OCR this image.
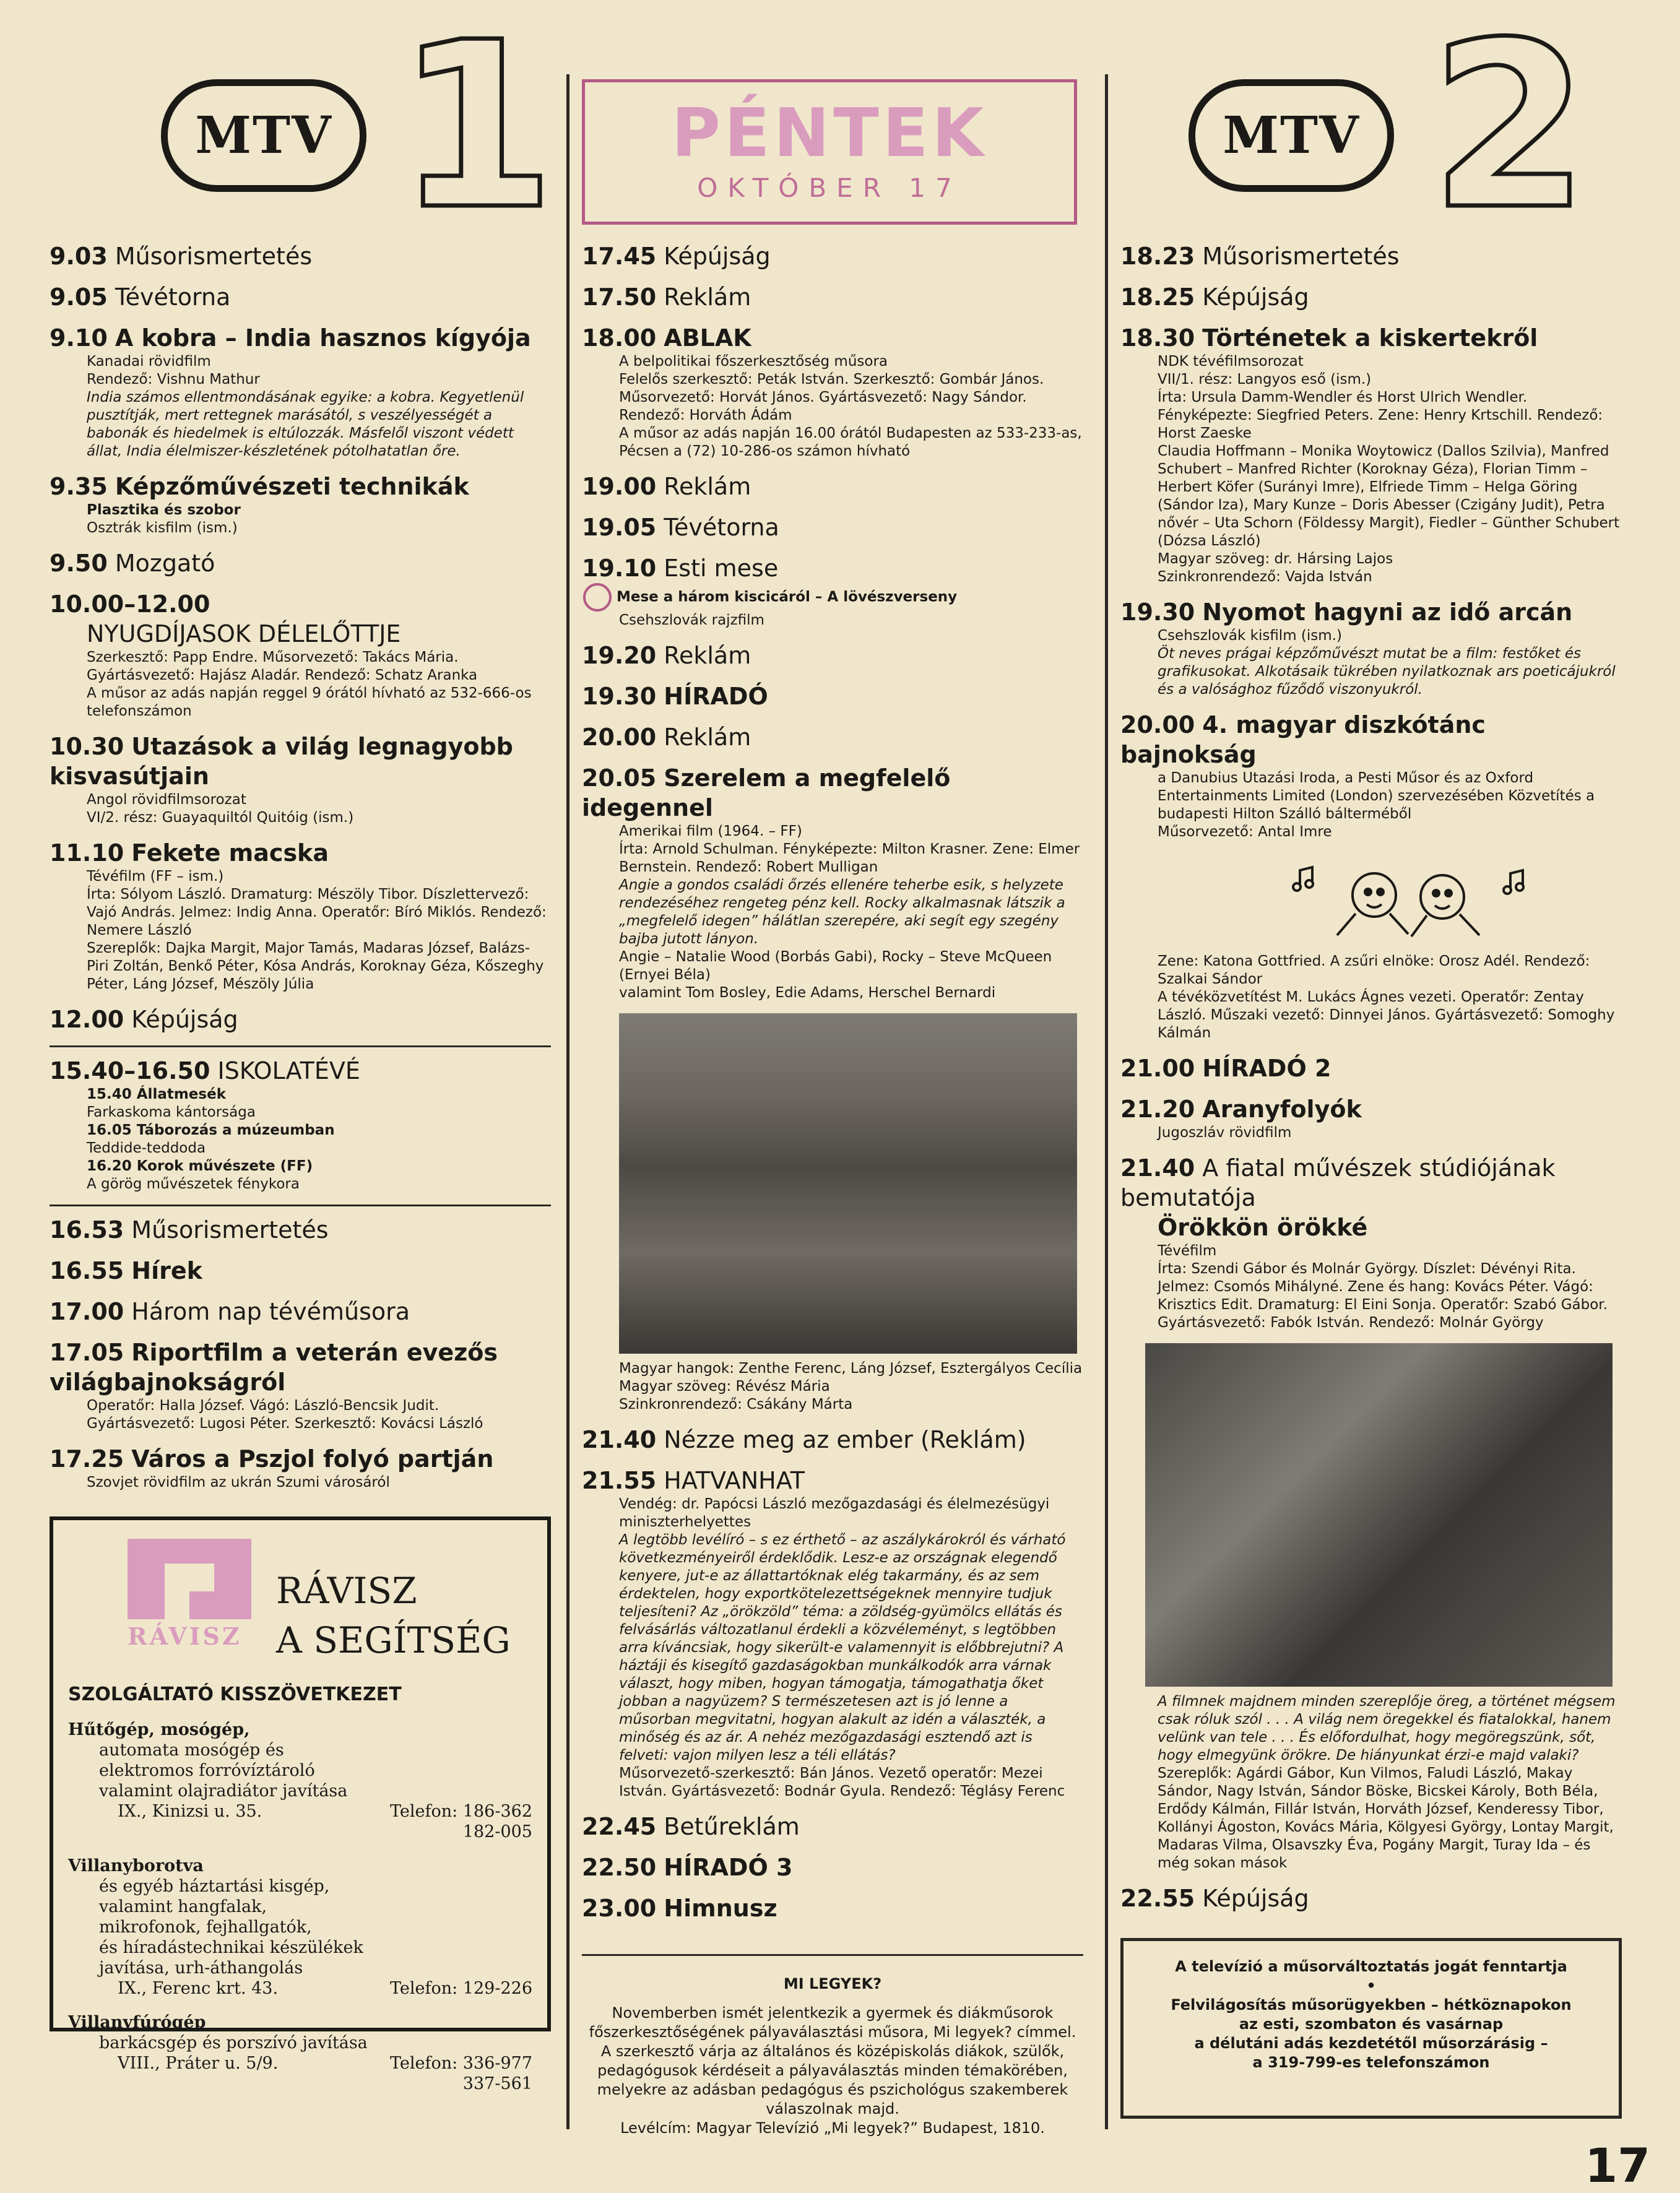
MTV 1
9.03 Műsorismertetés
9.05 Tévétorna
9.10 A kobra – India hasznos kígyója
Kanadai rövidfilm
Rendező: Vishnu Mathur
India számos ellentmondásának egyike: a kobra. Kegyetlenül pusztítják, mert rettegnek marásától, s veszélyességét a babonák és hiedelmek is eltúlozzák. Másfelől viszont védett állat, India élelmiszer-készletének pótolhatatlan őre.
9.35 Képzőművészeti technikák
Plasztika és szobor
Osztrák kisfilm (ism.)
9.50 Mozgató
10.00–12.00
NYUGDÍJASOK DÉLELŐTTJE
Szerkesztő: Papp Endre. Műsorvezető: Takács Mária. Gyártásvezető: Hajász Aladár. Rendező: Schatz Aranka
A műsor az adás napján reggel 9 órától hívható az 532-666-os telefonszámon
10.30 Utazások a világ legnagyobb kisvasútjain
Angol rövidfilmsorozat
VI/2. rész: Guayaquiltól Quitóig (ism.)
11.10 Fekete macska
Tévéfilm (FF – ism.)
Írta: Sólyom László. Dramaturg: Mészöly Tibor. Díszlettervező: Vajó András. Jelmez: Indig Anna. Operatőr: Bíró Miklós. Rendező: Nemere László
Szereplők: Dajka Margit, Major Tamás, Madaras József, Balázs-Piri Zoltán, Benkő Péter, Kósa András, Koroknay Géza, Kőszeghy Péter, Láng József, Mészöly Júlia
12.00 Képújság
15.40–16.50 ISKOLATÉVÉ
15.40 Állatmesék
Farkaskoma kántorsága
16.05 Táborozás a múzeumban
Teddide-teddoda
16.20 Korok művészete (FF)
A görög művészetek fénykora
16.53 Műsorismertetés
16.55 Hírek
17.00 Három nap tévéműsora
17.05 Riportfilm a veterán evezős világbajnokságról
Operatőr: Halla József. Vágó: László-Bencsik Judit. Gyártásvezető: Lugosi Péter. Szerkesztő: Kovácsi László
17.25 Város a Pszjol folyó partján
Szovjet rövidfilm az ukrán Szumi városáról
RÁVISZ
RÁVISZ
A SEGÍTSÉG
SZOLGÁLTATÓ KISSZÖVETKEZET
Hűtőgép, mosógép,
automata mosógép és
elektromos forróvíztároló
valamint olajradiátor javítása
IX., Kinizsi u. 35.	Telefon: 186-362
182-005
Villanyborotva
és egyéb háztartási kisgép,
valamint hangfalak,
mikrofonok, fejhallgatók,
és híradástechnikai készülékek
javítása, urh-áthangolás
IX., Ferenc krt. 43.	Telefon: 129-226
Villanyfúrógép
barkácsgép és porszívó javítása
VIII., Práter u. 5/9.	Telefon: 336-977
337-561
PÉNTEK
OKTÓBER 17
17.45 Képújság
17.50 Reklám
18.00 ABLAK
A belpolitikai főszerkesztőség műsora
Felelős szerkesztő: Peták István. Szerkesztő: Gombár János. Műsorvezető: Horvát János. Gyártásvezető: Nagy Sándor. Rendező: Horváth Ádám
A műsor az adás napján 16.00 órától Budapesten az 533-233-as, Pécsen a (72) 10-286-os számon hívható
19.00 Reklám
19.05 Tévétorna
19.10 Esti mese
Mese a három kiscicáról – A lövészverseny
Csehszlovák rajzfilm
19.20 Reklám
19.30 HÍRADÓ
20.00 Reklám
20.05 Szerelem a megfelelő idegennel
Amerikai film (1964. – FF)
Írta: Arnold Schulman. Fényképezte: Milton Krasner. Zene: Elmer Bernstein. Rendező: Robert Mulligan
Angie a gondos családi őrzés ellenére teherbe esik, s helyzete rendezéséhez rengeteg pénz kell. Rocky alkalmasnak látszik a „megfelelő idegen” hálátlan szerepére, aki segít egy szegény bajba jutott lányon.
Angie – Natalie Wood (Borbás Gabi), Rocky – Steve McQueen (Ernyei Béla)
valamint Tom Bosley, Edie Adams, Herschel Bernardi
Magyar hangok: Zenthe Ferenc, Láng József, Esztergályos Cecília
Magyar szöveg: Révész Mária
Szinkronrendező: Csákány Márta
21.40 Nézze meg az ember (Reklám)
21.55 HATVANHAT
Vendég: dr. Papócsi László mezőgazdasági és élelmezésügyi miniszterhelyettes
A legtöbb levélíró – s ez érthető – az aszálykárokról és várható következményeiről érdeklődik. Lesz-e az országnak elegendő kenyere, jut-e az állattartóknak elég takarmány, és az sem érdektelen, hogy exportkötelezettségeknek mennyire tudjuk teljesíteni? Az „örökzöld” téma: a zöldség-gyümölcs ellátás és felvásárlás változatlanul érdekli a közvéleményt, s legtöbben arra kíváncsiak, hogy sikerült-e valamennyit is előbbrejutni? A háztáji és kisegítő gazdaságokban munkálkodók arra várnak választ, hogy miben, hogyan támogatja, támogathatja őket jobban a nagyüzem? S természetesen azt is jó lenne a műsorban megvitatni, hogyan alakult az idén a választék, a minőség és az ár. A nehéz mezőgazdasági esztendő azt is felveti: vajon milyen lesz a téli ellátás?
Műsorvezető-szerkesztő: Bán János. Vezető operatőr: Mezei István. Gyártásvezető: Bodnár Gyula. Rendező: Téglásy Ferenc
22.45 Betűreklám
22.50 HÍRADÓ 3
23.00 Himnusz
MI LEGYEK?
Novemberben ismét jelentkezik a gyermek és diákműsorok főszerkesztőségének pályaválasztási műsora, Mi legyek? címmel. A szerkesztő várja az általános és középiskolás diákok, szülők, pedagógusok kérdéseit a pályaválasztás minden témakörében, melyekre az adásban pedagógus és pszichológus szakemberek válaszolnak majd.
Levélcím: Magyar Televízió „Mi legyek?” Budapest, 1810.
MTV 2
18.23 Műsorismertetés
18.25 Képújság
18.30 Történetek a kiskertekről
NDK tévéfilmsorozat
VII/1. rész: Langyos eső (ism.)
Írta: Ursula Damm-Wendler és Horst Ulrich Wendler. Fényképezte: Siegfried Peters. Zene: Henry Krtschill. Rendező: Horst Zaeske
Claudia Hoffmann – Monika Woytowicz (Dallos Szilvia), Manfred Schubert – Manfred Richter (Koroknay Géza), Florian Timm – Herbert Köfer (Surányi Imre), Elfriede Timm – Helga Göring (Sándor Iza), Mary Kunze – Doris Abesser (Czigány Judit), Petra nővér – Uta Schorn (Földessy Margit), Fiedler – Günther Schubert (Dózsa László)
Magyar szöveg: dr. Hársing Lajos
Szinkronrendező: Vajda István
19.30 Nyomot hagyni az idő arcán
Csehszlovák kisfilm (ism.)
Öt neves prágai képzőművészt mutat be a film: festőket és grafikusokat. Alkotásaik tükrében nyilatkoznak ars poeticájukról és a valósághoz fűződő viszonyukról.
20.00 4. magyar diszkótánc bajnokság
a Danubius Utazási Iroda, a Pesti Műsor és az Oxford Entertainments Limited (London) szervezésében Közvetítés a budapesti Hilton Szálló bálterméből
Műsorvezető: Antal Imre
Zene: Katona Gottfried. A zsűri elnöke: Orosz Adél. Rendező: Szalkai Sándor
A tévéközvetítést M. Lukács Ágnes vezeti. Operatőr: Zentay László. Műszaki vezető: Dinnyei János. Gyártásvezető: Somoghy Kálmán
21.00 HÍRADÓ 2
21.20 Aranyfolyók
Jugoszláv rövidfilm
21.40 A fiatal művészek stúdiójának bemutatója
Örökkön örökké
Tévéfilm
Írta: Szendi Gábor és Molnár György. Díszlet: Dévényi Rita. Jelmez: Csomós Mihályné. Zene és hang: Kovács Péter. Vágó: Krisztics Edit. Dramaturg: El Eini Sonja. Operatőr: Szabó Gábor. Gyártásvezető: Fabók István. Rendező: Molnár György
A filmnek majdnem minden szereplője öreg, a történet mégsem csak róluk szól . . . A világ nem öregekkel és fiatalokkal, hanem velünk van tele . . . És előfordulhat, hogy megöregszünk, sőt, hogy elmegyünk örökre. De hiányunkat érzi-e majd valaki?
Szereplők: Agárdi Gábor, Kun Vilmos, Faludi László, Makay Sándor, Nagy István, Sándor Böske, Bicskei Károly, Both Béla, Erdődy Kálmán, Fillár István, Horváth József, Kenderessy Tibor, Kollányi Ágoston, Kovács Mária, Kölgyesi György, Lontay Margit, Madaras Vilma, Olsavszky Éva, Pogány Margit, Turay Ida – és még sokan mások
22.55 Képújság
A televízió a műsorváltoztatás jogát fenntartja
•
Felvilágosítás műsorügyekben – hétköznapokon
az esti, szombaton és vasárnap
a délutáni adás kezdetétől műsorzárásig –
a 319-799-es telefonszámon
17
